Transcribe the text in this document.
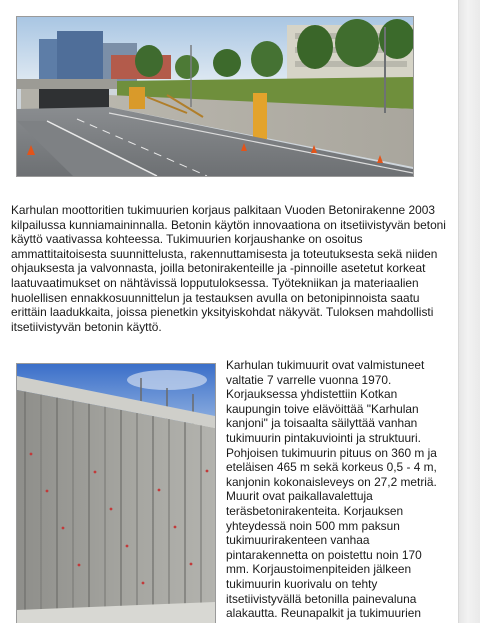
Karhulan moottoritien tukimuurien korjaus palkitaan Vuoden Betonirakenne 2003 kilpailussa kunniamaininnalla. Betonin käytön innovaationa on itsetiivistyvän betoni käyttö vaativassa kohteessa. Tukimuurien korjaushanke on osoitus ammattitaitoisesta suunnittelusta, rakennuttamisesta ja toteutuksesta sekä niiden ohjauksesta ja valvonnasta, joilla betonirakenteille ja -pinnoille asetetut korkeat laatuvaatimukset on nähtävissä lopputuloksessa. Työtekniikan ja materiaalien huolellisen ennakkosuunnittelun ja testauksen avulla on betonipinnoista saatu erittäin laadukkaita, joissa pienetkin yksityiskohdat näkyvät. Tuloksen mahdollisti itsetiivistyvän betonin käyttö.

Karhulan tukimuurit ovat valmistuneet valtatie 7 varrelle vuonna 1970. Korjauksessa yhdistettiin Kotkan kaupungin toive elävöittää "Karhulan kanjoni" ja toisaalta säilyttää vanhan tukimuurin pintakuviointi ja struktuuri. Pohjoisen tukimuurin pituus on 360 m ja eteläisen 465 m sekä korkeus 0,5 - 4 m, kanjonin kokonaisleveys on 27,2 metriä. Muurit ovat paikallavalettuja teräsbetonirakenteita. Korjauksen yhteydessä noin 500 mm paksun tukimuurirakenteen vanhaa pintarakennetta on poistettu noin 170 mm. Korjaustoimenpiteiden jälkeen tukimuurin kuorivalu on tehty itsetiivistyvällä betonilla painevaluna alakautta. Reunapalkit ja tukimuurien
